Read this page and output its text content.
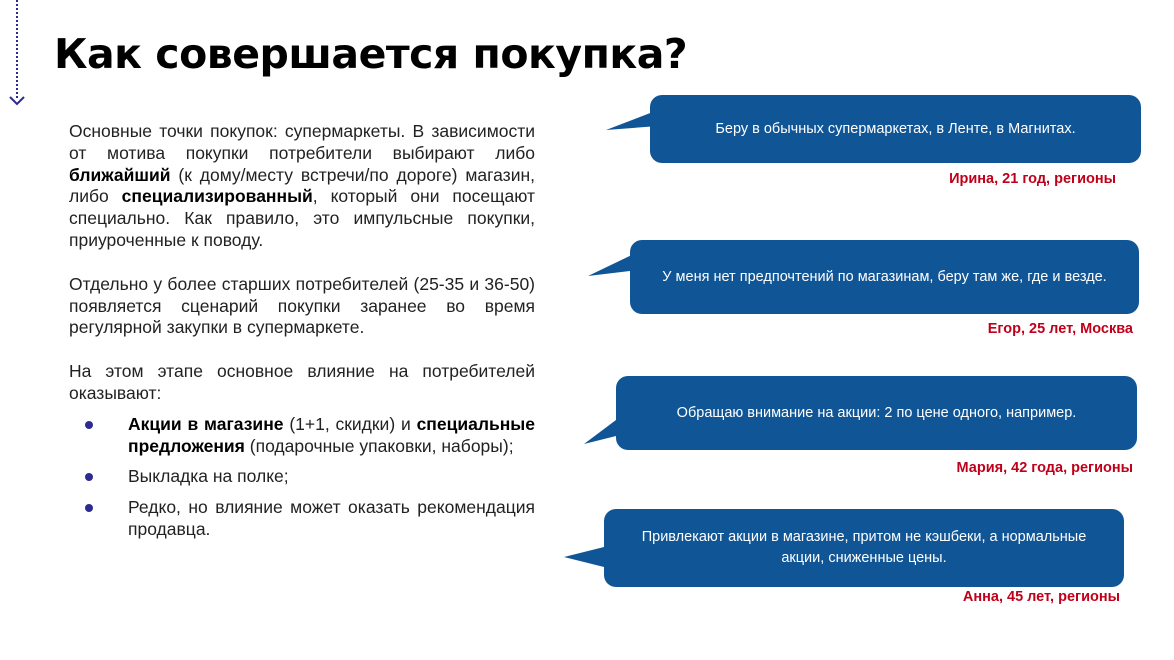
Как совершается покупка?

Основные точки покупок: супермаркеты. В зависимости от мотива покупки потребители выбирают либо ближайший (к дому/месту встречи/по дороге) магазин, либо специализированный, который они посещают специально. Как правило, это импульсные покупки, приуроченные к поводу.

Отдельно у более старших потребителей (25-35 и 36-50) появляется сценарий покупки заранее во время регулярной закупки в супермаркете.

На этом этапе основное влияние на потребителей оказывают:

Акции в магазине (1+1, скидки) и специальные предложения (подарочные упаковки, наборы);
Выкладка на полке;
Редко, но влияние может оказать рекомендация продавца.
Беру в обычных супермаркетах, в Ленте, в Магнитах.
Ирина, 21 год, регионы
У меня нет предпочтений по магазинам, беру там же, где и везде.
Егор, 25 лет, Москва
Обращаю внимание на акции: 2 по цене одного, например.
Мария, 42 года, регионы
Привлекают акции в магазине, притом не кэшбеки, а нормальные акции, сниженные цены.
Анна, 45 лет, регионы
